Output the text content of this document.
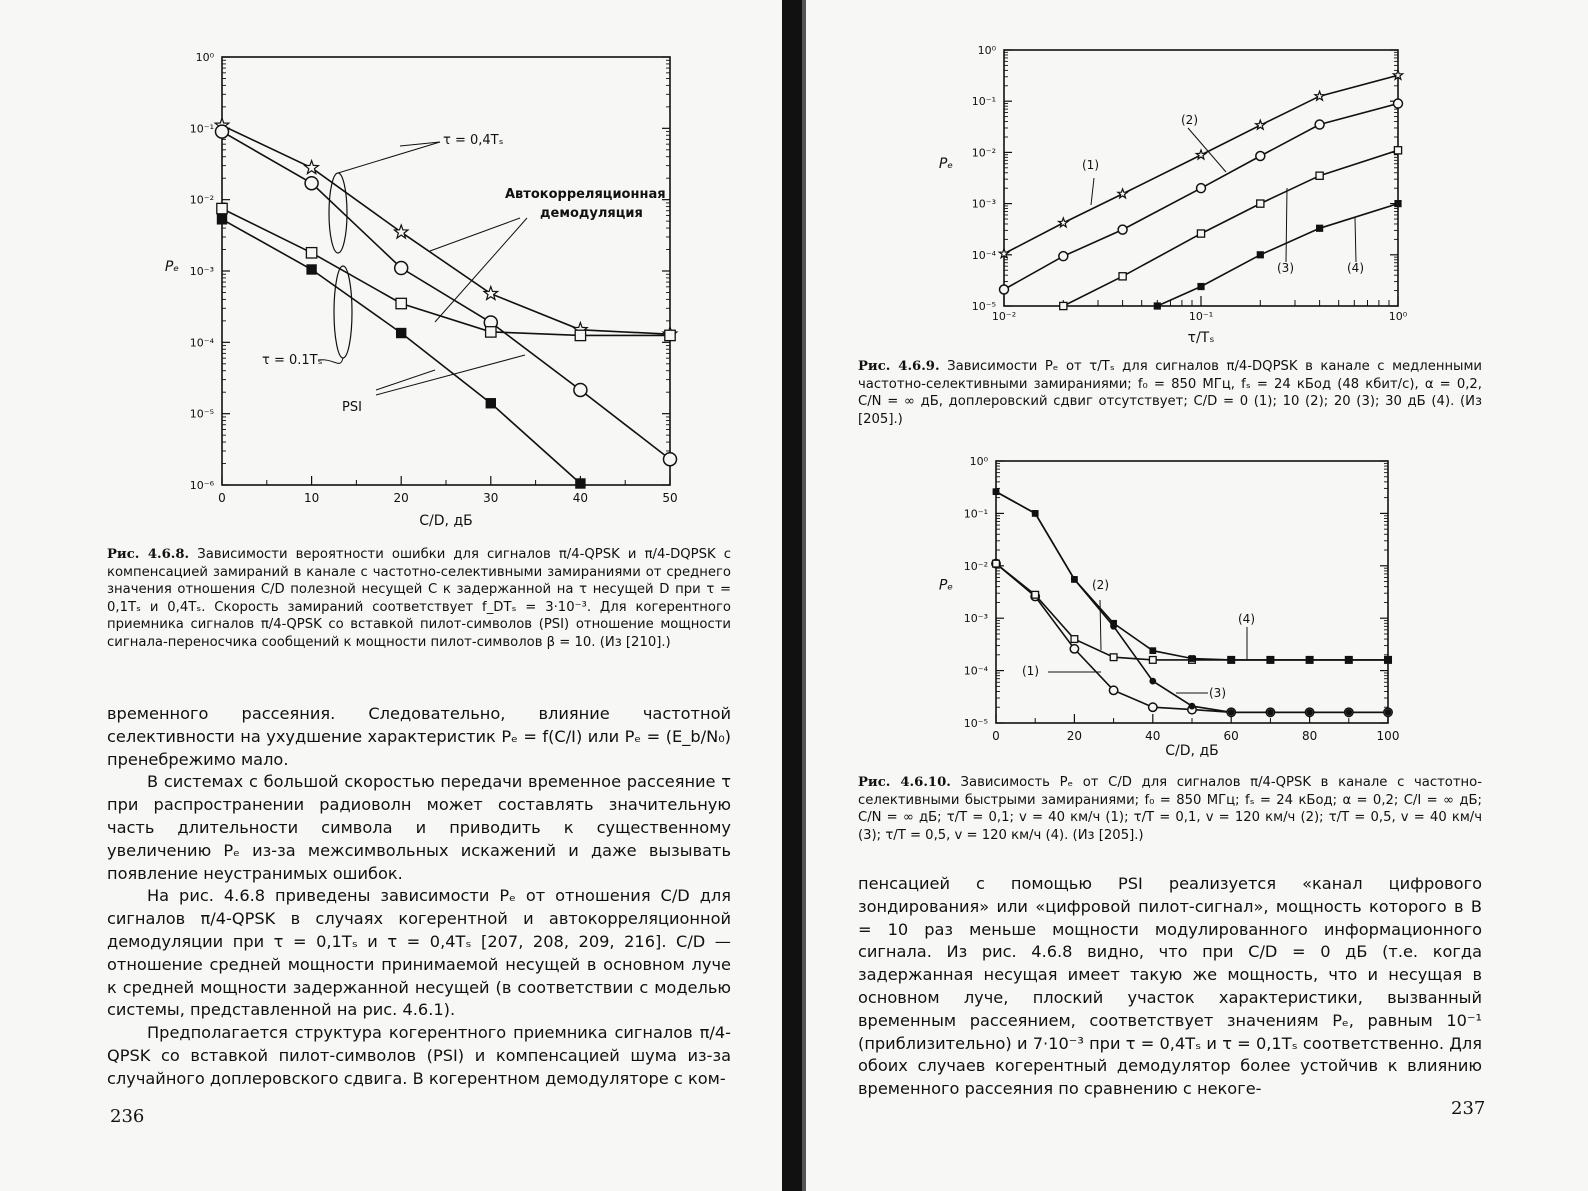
10⁰
10⁻¹
10⁻²
10⁻³
10⁻⁴
10⁻⁵
10⁻⁶
0	10	20	30	40	50
C/D, дБ
Pₑ
τ = 0,4Tₛ
Автокорреляционная
демодуляция
τ = 0.1Tₛ
PSI
Рис. 4.6.8. Зависимости вероятности ошибки для сигналов π/4-QPSK и π/4-DQPSK с компенсацией замираний в канале с частотно-селективными замираниями от среднего значения отношения C/D полезной несущей C к задержанной на τ несущей D при τ = 0,1Tₛ и 0,4Tₛ. Скорость замираний соответствует f_DTₛ = 3·10⁻³. Для когерентного приемника сигналов π/4-QPSK со вставкой пилот-символов (PSI) отношение мощности сигнала-переносчика сообщений к мощности пилот-символов β = 10. (Из [210].)

временного рассеяния. Следовательно, влияние частотной селективности на ухудшение характеристик Pₑ = f(C/I) или Pₑ = (E_b/N₀) пренебрежимо мало.

В системах с большой скоростью передачи временное рассеяние τ при распространении радиоволн может составлять значительную часть длительности символа и приводить к существенному увеличению Pₑ из-за межсимвольных искажений и даже вызывать появление неустранимых ошибок.

На рис. 4.6.8 приведены зависимости Pₑ от отношения C/D для сигналов π/4-QPSK в случаях когерентной и автокорреляционной демодуляции при τ = 0,1Tₛ и τ = 0,4Tₛ [207, 208, 209, 216]. C/D — отношение средней мощности принимаемой несущей в основном луче к средней мощности задержанной несущей (в соответствии с моделью системы, представленной на рис. 4.6.1).

Предполагается структура когерентного приемника сигналов π/4-QPSK со вставкой пилот-символов (PSI) и компенсацией шума из-за случайного доплеровского сдвига. В когерентном демодуляторе с ком-

236
10⁰
10⁻¹
10⁻²
10⁻³
10⁻⁴
10⁻⁵
10⁻²	10⁻¹	10⁰
τ/Tₛ
Pₑ	(1)
(2)
(3)	(4)
Рис. 4.6.9. Зависимости Pₑ от τ/Tₛ для сигналов π/4-DQPSK в канале с медленными частотно-селективными замираниями; f₀ = 850 МГц, fₛ = 24 кБод (48 кбит/с), α = 0,2, C/N = ∞ дБ, доплеровский сдвиг отсутствует; C/D = 0 (1); 10 (2); 20 (3); 30 дБ (4). (Из [205].)
10⁰
10⁻¹
10⁻²
10⁻³
10⁻⁴
10⁻⁵
0	20	40	60	80	100
C/D, дБ
Pₑ
(1)
(2)
(3)
(4)
Рис. 4.6.10. Зависимость Pₑ от C/D для сигналов π/4-QPSK в канале с частотно-селективными быстрыми замираниями; f₀ = 850 МГц; fₛ = 24 кБод; α = 0,2; C/I = ∞ дБ; C/N = ∞ дБ; τ/T = 0,1; v = 40 км/ч (1); τ/T = 0,1, v = 120 км/ч (2); τ/T = 0,5, v = 40 км/ч (3); τ/T = 0,5, v = 120 км/ч (4). (Из [205].)

пенсацией с помощью PSI реализуется «канал цифрового зондирования» или «цифровой пилот-сигнал», мощность которого в B = 10 раз меньше мощности модулированного информационного сигнала. Из рис. 4.6.8 видно, что при C/D = 0 дБ (т.е. когда задержанная несущая имеет такую же мощность, что и несущая в основном луче, плоский участок характеристики, вызванный временным рассеянием, соответствует значениям Pₑ, равным 10⁻¹ (приблизительно) и 7·10⁻³ при τ = 0,4Tₛ и τ = 0,1Tₛ соответственно. Для обоих случаев когерентный демодулятор более устойчив к влиянию временного рассеяния по сравнению с некоге-

237
